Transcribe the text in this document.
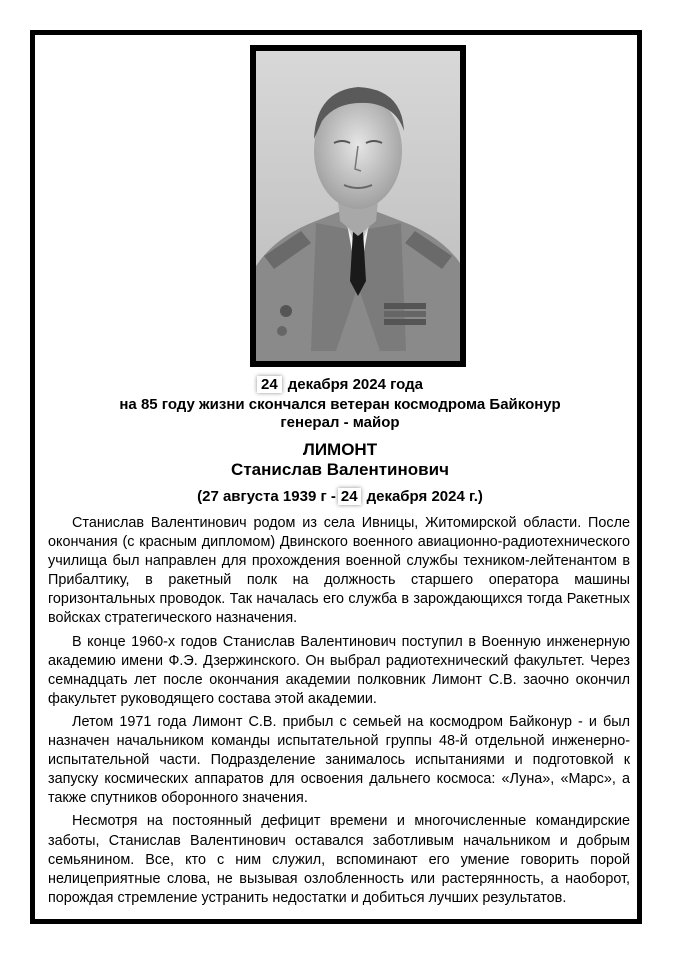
24 декабря 2024 года
на 85 году жизни скончался ветеран космодрома Байконур
генерал - майор
ЛИМОНТ
Станислав Валентинович
(27 августа 1939 г - 24 декабря 2024 г.)

Станислав Валентинович родом из села Ивницы, Житомирской области. После окончания (с красным дипломом) Двинского военного авиационно-радиотехнического училища был направлен для прохождения военной службы техником-лейтенантом в Прибалтику, в ракетный полк на должность старшего оператора машины горизонтальных проводок. Так началась его служба в зарождающихся тогда Ракетных войсках стратегического назначения.

В конце 1960-х годов Станислав Валентинович поступил в Военную инженерную академию имени Ф.Э. Дзержинского. Он выбрал радиотехнический факультет. Через семнадцать лет после окончания академии полковник Лимонт С.В. заочно окончил факультет руководящего состава этой академии.

Летом 1971 года Лимонт С.В. прибыл с семьей на космодром Байконур - и был назначен начальником команды испытательной группы 48-й отдельной инженерно-испытательной части. Подразделение занималось испытаниями и подготовкой к запуску космических аппаратов для освоения дальнего космоса: «Луна», «Марс», а также спутников оборонного значения.

Несмотря на постоянный дефицит времени и многочисленные командирские заботы, Станислав Валентинович оставался заботливым начальником и добрым семьянином. Все, кто с ним служил, вспоминают его умение говорить порой нелицеприятные слова, не вызывая озлобленность или растерянность, а наоборот, порождая стремление устранить недостатки и добиться лучших результатов.
